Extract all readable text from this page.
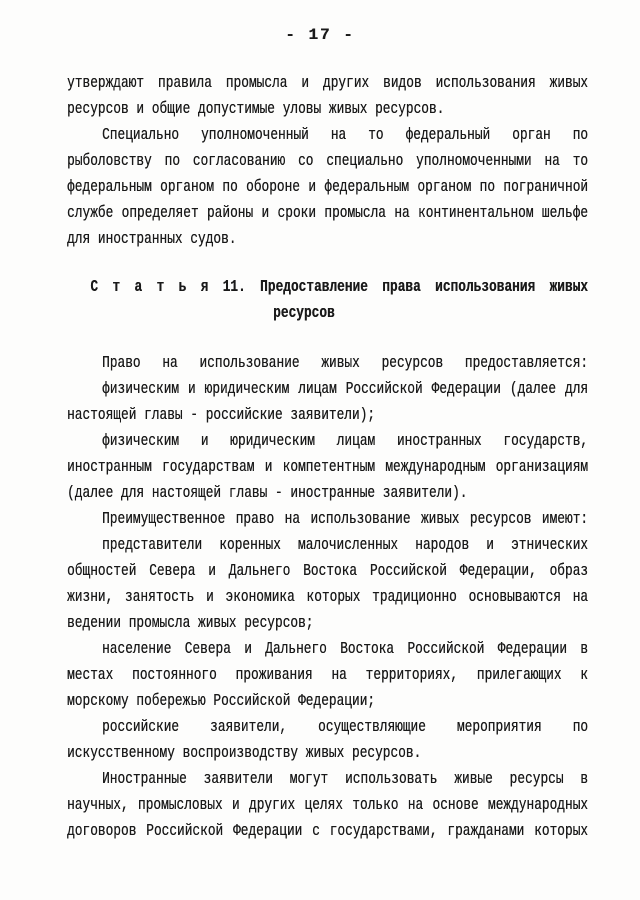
- 17 -
утверждают правила промысла и других видов использования живых
ресурсов и общие допустимые уловы живых ресурсов.
Специально уполномоченный на то федеральный орган по
рыболовству по согласованию со специально уполномоченными на то
федеральным органом по обороне и федеральным органом по пограничной
службе определяет районы и сроки промысла на континентальном шельфе
для иностранных судов.
С т а т ь я 11. Предоставление права использования живых
ресурсов
Право на использование живых ресурсов предоставляется:
физическим и юридическим лицам Российской Федерации (далее для
настоящей главы - российские заявители);
физическим и юридическим лицам иностранных государств,
иностранным государствам и компетентным международным организациям
(далее для настоящей главы - иностранные заявители).
Преимущественное право на использование живых ресурсов имеют:
представители коренных малочисленных народов и этнических
общностей Севера и Дальнего Востока Российской Федерации, образ
жизни, занятость и экономика которых традиционно основываются на
ведении промысла живых ресурсов;
население Севера и Дальнего Востока Российской Федерации в
местах постоянного проживания на территориях, прилегающих к
морскому побережью Российской Федерации;
российские заявители, осуществляющие мероприятия по
искусственному воспроизводству живых ресурсов.
Иностранные заявители могут использовать живые ресурсы в
научных, промысловых и других целях только на основе международных
договоров Российской Федерации с государствами, гражданами которых
